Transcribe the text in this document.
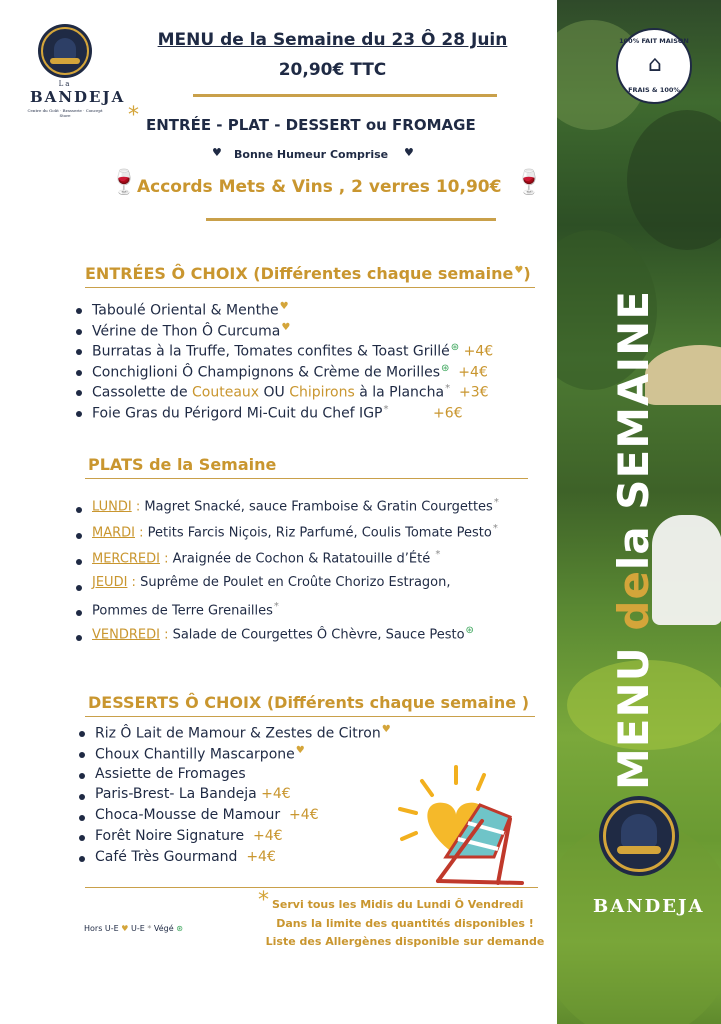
La
BANDEJA
Centre du Goût · Brasserie · Concept Store
MENU de la Semaine du 23 Ô 28 Juin
20,90€ TTC
* ENTRÉE - PLAT - DESSERT ou FROMAGE
♥ Bonne Humeur Comprise ♥
🍷
Accords Mets & Vins , 2 verres 10,90€ 🍷
ENTRÉES Ô CHOIX (Différentes chaque semaine♥)
Taboulé Oriental & Menthe♥
Vérine de Thon Ô Curcuma♥
Burratas à la Truffe, Tomates confites & Toast Grillé⊛ +4€
Conchiglioni Ô Champignons & Crème de Morilles⊛  +4€
Cassolette de Couteaux OU Chipirons à la Plancha*  +3€
Foie Gras du Périgord Mi-Cuit du Chef IGP*          +6€
PLATS de la Semaine
LUNDI : Magret Snacké, sauce Framboise & Gratin Courgettes*
MARDI : Petits Farcis Niçois, Riz Parfumé, Coulis Tomate Pesto*
MERCREDI : Araignée de Cochon & Ratatouille d’Été *
JEUDI : Suprême de Poulet en Croûte Chorizo Estragon,
Pommes de Terre Grenailles*
VENDREDI : Salade de Courgettes Ô Chèvre, Sauce Pesto⊛
DESSERTS Ô CHOIX (Différents chaque semaine )
Riz Ô Lait de Mamour & Zestes de Citron♥
Choux Chantilly Mascarpone♥
Assiette de Fromages
Paris-Brest- La Bandeja +4€
Choca-Mousse de Mamour  +4€
Forêt Noire Signature  +4€
Café Très Gourmand  +4€
* Servi tous les Midis du Lundi Ô Vendredi
Dans la limite des quantités disponibles !
Liste des Allergènes disponible sur demande
Hors U-E ♥ U-E * Végé ⊛
100% FAIT MAISON
⌂
FRAIS & 100%
MENU dela SEMAINE
BANDEJA
